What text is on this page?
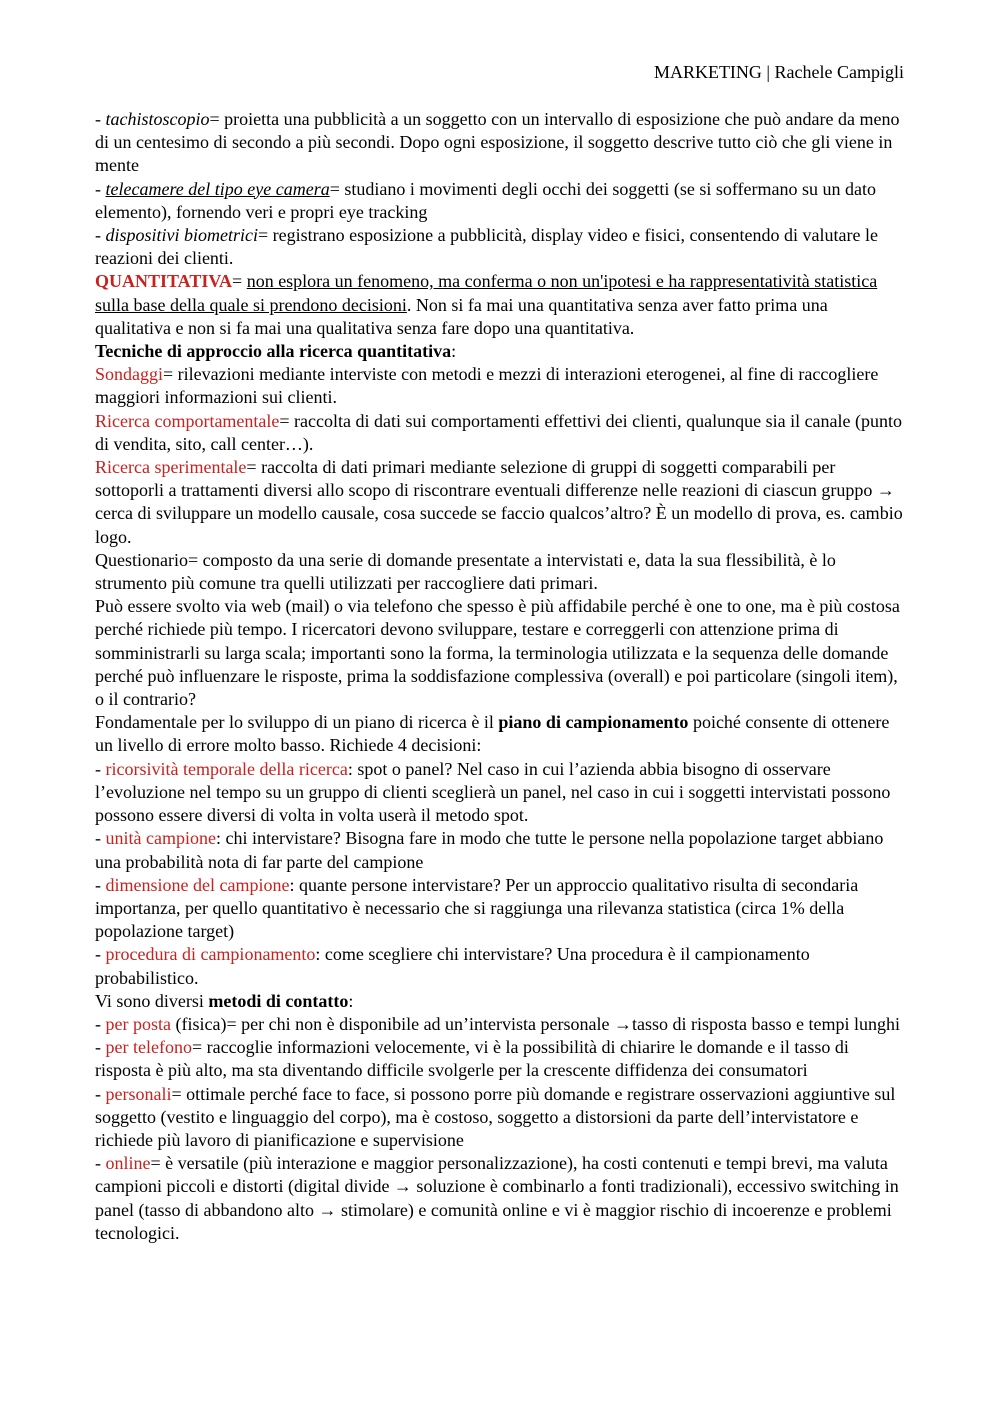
MARKETING | Rachele Campigli

- tachistoscopio= proietta una pubblicità a un soggetto con un intervallo di esposizione che può andare da meno di un centesimo di secondo a più secondi. Dopo ogni esposizione, il soggetto descrive tutto ciò che gli viene in mente

- telecamere del tipo eye camera= studiano i movimenti degli occhi dei soggetti (se si soffermano su un dato elemento), fornendo veri e propri eye tracking

- dispositivi biometrici= registrano esposizione a pubblicità, display video e fisici, consentendo di valutare le reazioni dei clienti.

QUANTITATIVA= non esplora un fenomeno, ma conferma o non un'ipotesi e ha rappresentatività statistica sulla base della quale si prendono decisioni. Non si fa mai una quantitativa senza aver fatto prima una qualitativa e non si fa mai una qualitativa senza fare dopo una quantitativa.

Tecniche di approccio alla ricerca quantitativa:

Sondaggi= rilevazioni mediante interviste con metodi e mezzi di interazioni eterogenei, al fine di raccogliere maggiori informazioni sui clienti.

Ricerca comportamentale= raccolta di dati sui comportamenti effettivi dei clienti, qualunque sia il canale (punto di vendita, sito, call center…).

Ricerca sperimentale= raccolta di dati primari mediante selezione di gruppi di soggetti comparabili per sottoporli a trattamenti diversi allo scopo di riscontrare eventuali differenze nelle reazioni di ciascun gruppo → cerca di sviluppare un modello causale, cosa succede se faccio qualcos’altro? È un modello di prova, es. cambio logo.

Questionario= composto da una serie di domande presentate a intervistati e, data la sua flessibilità, è lo strumento più comune tra quelli utilizzati per raccogliere dati primari.

Può essere svolto via web (mail) o via telefono che spesso è più affidabile perché è one to one, ma è più costosa perché richiede più tempo. I ricercatori devono sviluppare, testare e correggerli con attenzione prima di somministrarli su larga scala; importanti sono la forma, la terminologia utilizzata e la sequenza delle domande perché può influenzare le risposte, prima la soddisfazione complessiva (overall) e poi particolare (singoli item), o il contrario?

Fondamentale per lo sviluppo di un piano di ricerca è il piano di campionamento poiché consente di ottenere un livello di errore molto basso. Richiede 4 decisioni:

- ricorsività temporale della ricerca: spot o panel? Nel caso in cui l’azienda abbia bisogno di osservare l’evoluzione nel tempo su un gruppo di clienti sceglierà un panel, nel caso in cui i soggetti intervistati possono possono essere diversi di volta in volta userà il metodo spot.

- unità campione: chi intervistare? Bisogna fare in modo che tutte le persone nella popolazione target abbiano una probabilità nota di far parte del campione

- dimensione del campione: quante persone intervistare? Per un approccio qualitativo risulta di secondaria importanza, per quello quantitativo è necessario che si raggiunga una rilevanza statistica (circa 1% della popolazione target)

- procedura di campionamento: come scegliere chi intervistare? Una procedura è il campionamento probabilistico.

Vi sono diversi metodi di contatto:

- per posta (fisica)= per chi non è disponibile ad un’intervista personale →tasso di risposta basso e tempi lunghi

- per telefono= raccoglie informazioni velocemente, vi è la possibilità di chiarire le domande e il tasso di risposta è più alto, ma sta diventando difficile svolgerle per la crescente diffidenza dei consumatori

- personali= ottimale perché face to face, si possono porre più domande e registrare osservazioni aggiuntive sul soggetto (vestito e linguaggio del corpo), ma è costoso, soggetto a distorsioni da parte dell’intervistatore e richiede più lavoro di pianificazione e supervisione

- online= è versatile (più interazione e maggior personalizzazione), ha costi contenuti e tempi brevi, ma valuta campioni piccoli e distorti (digital divide → soluzione è combinarlo a fonti tradizionali), eccessivo switching in panel (tasso di abbandono alto → stimolare) e comunità online e vi è maggior rischio di incoerenze e problemi tecnologici.
